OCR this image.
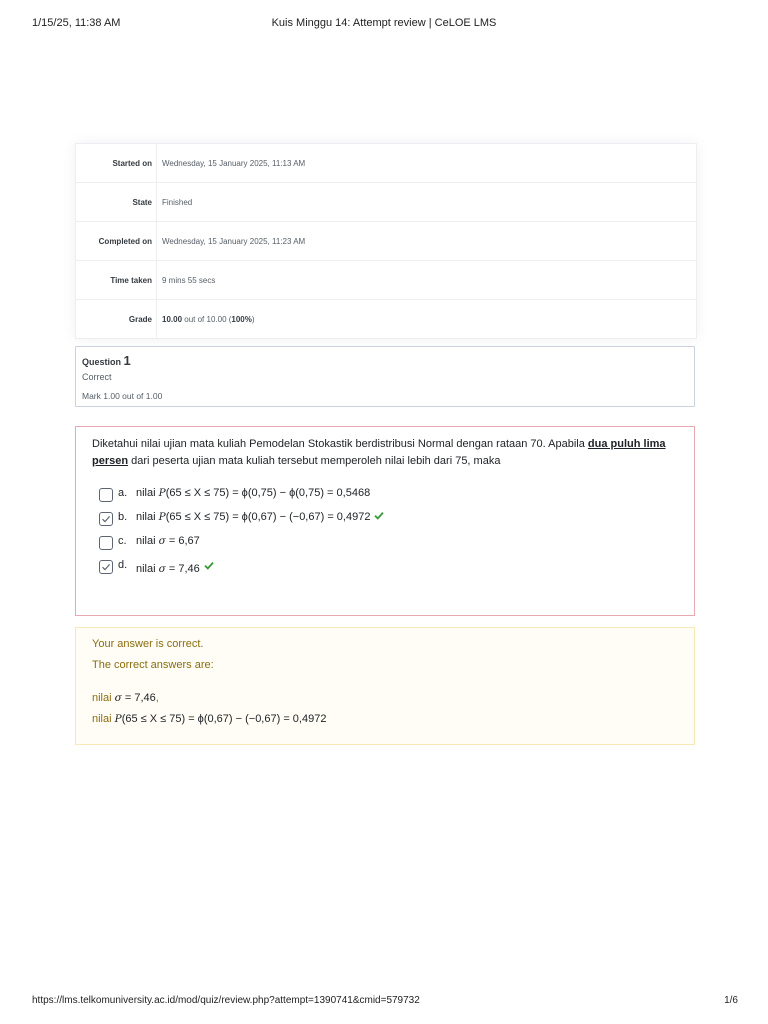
1/15/25, 11:38 AM	Kuis Minggu 14: Attempt review | CeLOE LMS
Started on	Wednesday, 15 January 2025, 11:13 AM
State	Finished
Completed on	Wednesday, 15 January 2025, 11:23 AM
Time taken	9 mins 55 secs
Grade	10.00 out of 10.00 (100%)
Question 1
Correct
Mark 1.00 out of 1.00
Diketahui nilai ujian mata kuliah Pemodelan Stokastik berdistribusi Normal dengan rataan 70. Apabila dua puluh lima persen dari peserta ujian mata kuliah tersebut memperoleh nilai lebih dari 75, maka
a. nilai P(65 ≤ X ≤ 75) = ϕ(0,75) − ϕ(0,75) = 0,5468
b. nilai P(65 ≤ X ≤ 75) = ϕ(0,67) − (−0,67) = 0,4972
c. nilai σ = 6,67
d. nilai σ = 7,46
Your answer is correct.
The correct answers are:
nilai σ = 7,46,
nilai P(65 ≤ X ≤ 75) = ϕ(0,67) − (−0,67) = 0,4972
https://lms.telkomuniversity.ac.id/mod/quiz/review.php?attempt=1390741&cmid=579732	1/6
